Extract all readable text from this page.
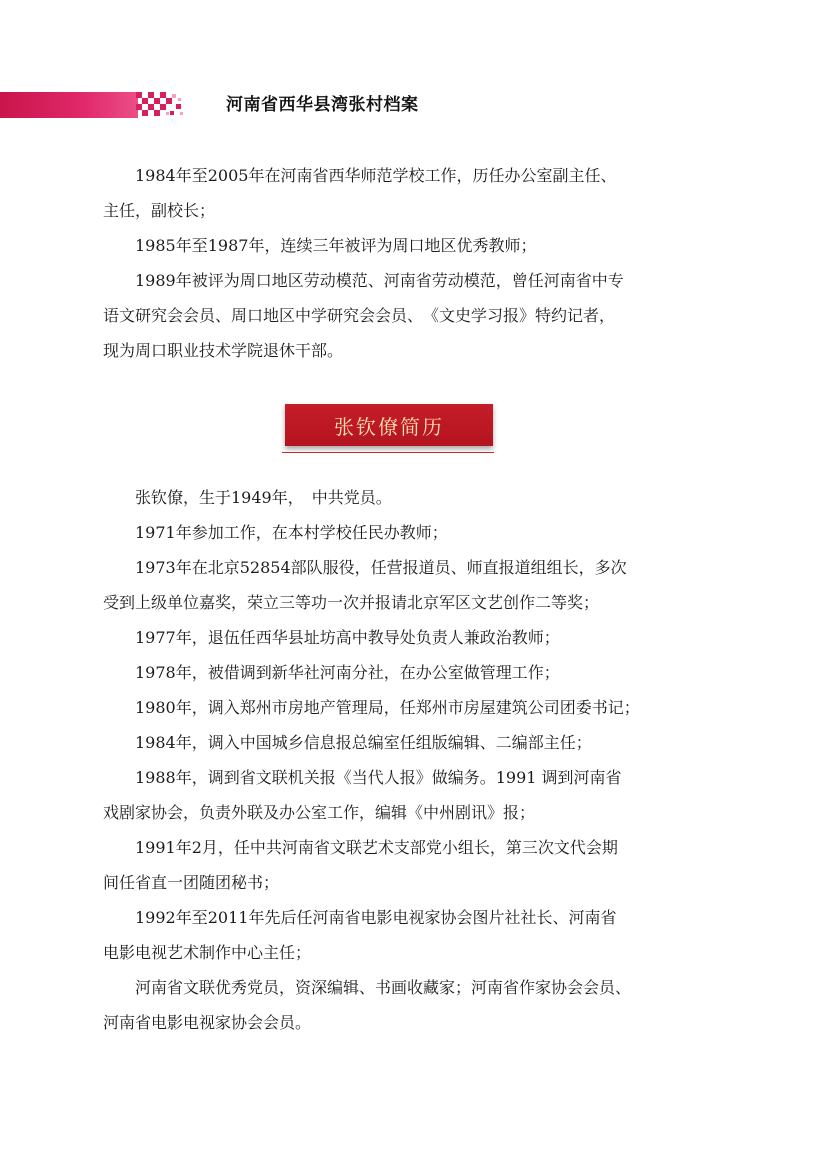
河南省西华县湾张村档案

1984年至2005年在河南省西华师范学校工作，历任办公室副主任、
主任，副校长；

1985年至1987年，连续三年被评为周口地区优秀教师；

1989年被评为周口地区劳动模范、河南省劳动模范，曾任河南省中专
语文研究会会员、周口地区中学研究会会员、　《文史学习报》特约记者，
现为周口职业技术学院退休干部。

张钦僚简历

张钦僚，生于1949年，　中共党员。

1971年参加工作，在本村学校任民办教师；

1973年在北京52854部队服役，任营报道员、师直报道组组长，多次
受到上级单位嘉奖，荣立三等功一次并报请北京军区文艺创作二等奖；

1977年，退伍任西华县址坊高中教导处负责人兼政治教师；

1978年，被借调到新华社河南分社，在办公室做管理工作；

1980年，调入郑州市房地产管理局，任郑州市房屋建筑公司团委书记；

1984年，调入中国城乡信息报总编室任组版编辑、二编部主任；

1988年，调到省文联机关报《当代人报》做编务。1991 调到河南省
戏剧家协会，负责外联及办公室工作，编辑《中州剧讯》报；

1991年2月，任中共河南省文联艺术支部党小组长，第三次文代会期
间任省直一团随团秘书；

1992年至2011年先后任河南省电影电视家协会图片社社长、河南省
电影电视艺术制作中心主任；

河南省文联优秀党员，资深编辑、书画收藏家；河南省作家协会会员、
河南省电影电视家协会会员。
